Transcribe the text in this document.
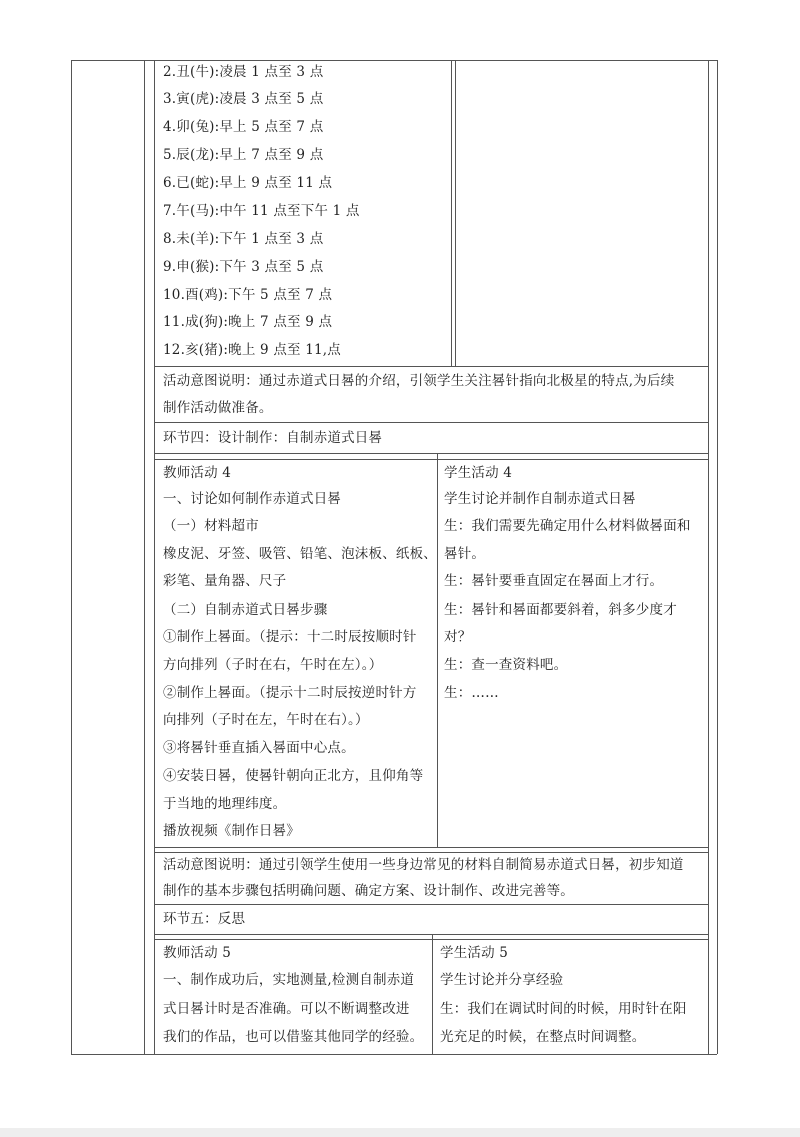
2.丑(牛):凌晨 1 点至 3 点
3.寅(虎):凌晨 3 点至 5 点
4.卯(兔):早上 5 点至 7 点
5.辰(龙):早上 7 点至 9 点
6.已(蛇):早上 9 点至 11 点
7.午(马):中午 11 点至下午 1 点
8.未(羊):下午 1 点至 3 点
9.申(猴):下午 3 点至 5 点
10.酉(鸡):下午 5 点至 7 点
11.成(狗):晚上 7 点至 9 点
12.亥(猪):晚上 9 点至 11,点
活动意图说明：通过赤道式日晷的介绍，引领学生关注晷针指向北极星的特点,为后续
制作活动做准备。
环节四：设计制作：自制赤道式日晷
教师活动 4
一、讨论如何制作赤道式日晷
（一）材料超市
橡皮泥、牙签、吸管、铅笔、泡沫板、纸板、
彩笔、量角器、尺子
（二）自制赤道式日晷步骤
①制作上晷面。（提示：十二时辰按顺时针
方向排列（子时在右，午时在左）。）
②制作上晷面。（提示十二时辰按逆时针方
向排列（子时在左，午时在右）。）
③将晷针垂直插入晷面中心点。
④安装日晷，使晷针朝向正北方，且仰角等
于当地的地理纬度。
播放视频《制作日晷》
学生活动 4
学生讨论并制作自制赤道式日晷
生：我们需要先确定用什么材料做晷面和
晷针。
生：晷针要垂直固定在晷面上才行。
生：晷针和晷面都要斜着，斜多少度才
对？
生：查一查资料吧。
生：……
活动意图说明：通过引领学生使用一些身边常见的材料自制简易赤道式日晷，初步知道
制作的基本步骤包括明确问题、确定方案、设计制作、改进完善等。
环节五：反思
教师活动 5
一、制作成功后，实地测量,检测自制赤道
式日晷计时是否准确。可以不断调整改进
我们的作品，也可以借鉴其他同学的经验。
学生活动 5
学生讨论并分享经验
生：我们在调试时间的时候，用时针在阳
光充足的时候，在整点时间调整。
